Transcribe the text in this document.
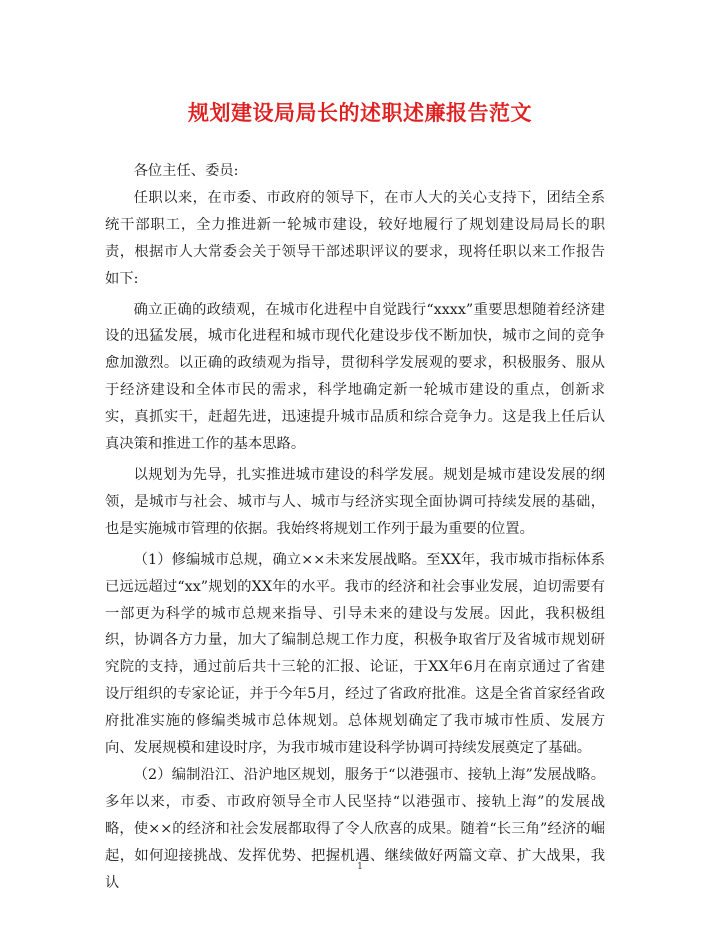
规划建设局局长的述职述廉报告范文

各位主任、委员:

任职以来，在市委、市政府的领导下，在市人大的关心支持下，团结全系统干部职工，全力推进新一轮城市建设，较好地履行了规划建设局局长的职责，根据市人大常委会关于领导干部述职评议的要求，现将任职以来工作报告如下:

确立正确的政绩观，在城市化进程中自觉践行“xxxx”重要思想随着经济建设的迅猛发展，城市化进程和城市现代化建设步伐不断加快，城市之间的竞争愈加激烈。以正确的政绩观为指导，贯彻科学发展观的要求，积极服务、服从于经济建设和全体市民的需求，科学地确定新一轮城市建设的重点，创新求实，真抓实干，赶超先进，迅速提升城市品质和综合竞争力。这是我上任后认真决策和推进工作的基本思路。

以规划为先导，扎实推进城市建设的科学发展。规划是城市建设发展的纲领，是城市与社会、城市与人、城市与经济实现全面协调可持续发展的基础，也是实施城市管理的依据。我始终将规划工作列于最为重要的位置。

（1）修编城市总规，确立××未来发展战略。至XX年，我市城市指标体系已远远超过“xx”规划的XX年的水平。我市的经济和社会事业发展，迫切需要有一部更为科学的城市总规来指导、引导未来的建设与发展。因此，我积极组织，协调各方力量，加大了编制总规工作力度，积极争取省厅及省城市规划研究院的支持，通过前后共十三轮的汇报、论证，于XX年6月在南京通过了省建设厅组织的专家论证，并于今年5月，经过了省政府批准。这是全省首家经省政府批准实施的修编类城市总体规划。总体规划确定了我市城市性质、发展方向、发展规模和建设时序，为我市城市建设科学协调可持续发展奠定了基础。

（2）编制沿江、沿沪地区规划，服务于“以港强市、接轨上海”发展战略。多年以来，市委、市政府领导全市人民坚持“以港强市、接轨上海”的发展战略，使××的经济和社会发展都取得了令人欣喜的成果。随着“长三角”经济的崛起，如何迎接挑战、发挥优势、把握机遇、继续做好两篇文章、扩大战果，我认

1
